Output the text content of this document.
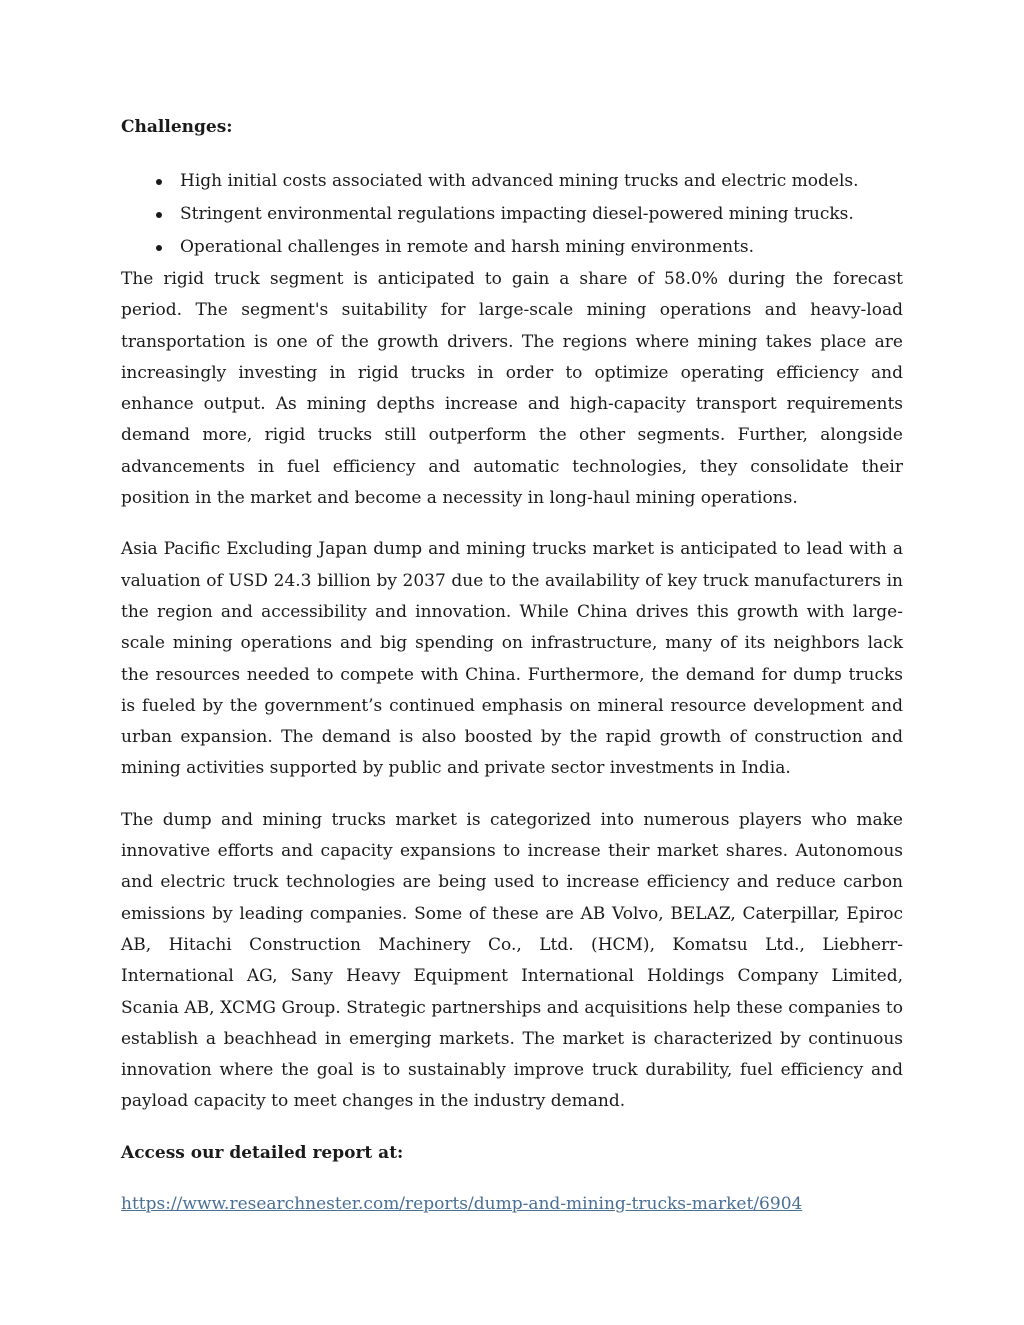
Challenges:
High initial costs associated with advanced mining trucks and electric models.
Stringent environmental regulations impacting diesel-powered mining trucks.
Operational challenges in remote and harsh mining environments.

The rigid truck segment is anticipated to gain a share of 58.0% during the forecast period. The segment's suitability for large-scale mining operations and heavy-load transportation is one of the growth drivers. The regions where mining takes place are increasingly investing in rigid trucks in order to optimize operating efficiency and enhance output. As mining depths increase and high-capacity transport requirements demand more, rigid trucks still outperform the other segments. Further, alongside advancements in fuel efficiency and automatic technologies, they consolidate their position in the market and become a necessity in long-haul mining operations.

Asia Pacific Excluding Japan dump and mining trucks market is anticipated to lead with a valuation of USD 24.3 billion by 2037 due to the availability of key truck manufacturers in the region and accessibility and innovation. While China drives this growth with large-scale mining operations and big spending on infrastructure, many of its neighbors lack the resources needed to compete with China. Furthermore, the demand for dump trucks is fueled by the government’s continued emphasis on mineral resource development and urban expansion. The demand is also boosted by the rapid growth of construction and mining activities supported by public and private sector investments in India.

The dump and mining trucks market is categorized into numerous players who make innovative efforts and capacity expansions to increase their market shares. Autonomous and electric truck technologies are being used to increase efficiency and reduce carbon emissions by leading companies. Some of these are AB Volvo, BELAZ, Caterpillar, Epiroc AB, Hitachi Construction Machinery Co., Ltd. (HCM), Komatsu Ltd., Liebherr-International AG, Sany Heavy Equipment International Holdings Company Limited, Scania AB, XCMG Group. Strategic partnerships and acquisitions help these companies to establish a beachhead in emerging markets. The market is characterized by continuous innovation where the goal is to sustainably improve truck durability, fuel efficiency and payload capacity to meet changes in the industry demand.

Access our detailed report at:
https://www.researchnester.com/reports/dump-and-mining-trucks-market/6904
